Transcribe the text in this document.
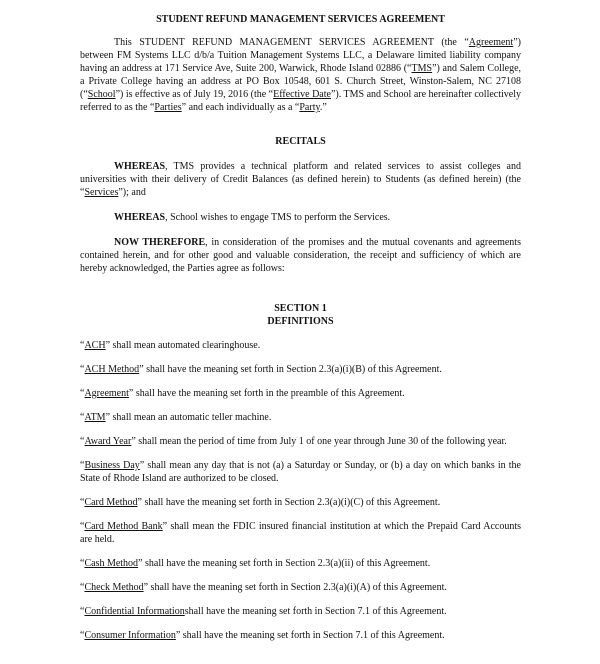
STUDENT REFUND MANAGEMENT SERVICES AGREEMENT

This STUDENT REFUND MANAGEMENT SERVICES AGREEMENT (the “Agreement”) between FM Systems LLC d/b/a Tuition Management Systems LLC, a Delaware limited liability company having an address at 171 Service Ave, Suite 200, Warwick, Rhode Island 02886 (“TMS”) and Salem College, a Private College having an address at PO Box 10548, 601 S. Church Street, Winston-Salem, NC 27108 (“School”) is effective as of July 19, 2016 (the “Effective Date”). TMS and School are hereinafter collectively referred to as the “Parties” and each individually as a “Party.”

RECITALS

WHEREAS, TMS provides a technical platform and related services to assist colleges and universities with their delivery of Credit Balances (as defined herein) to Students (as defined herein) (the “Services”); and

WHEREAS, School wishes to engage TMS to perform the Services.

NOW THEREFORE, in consideration of the promises and the mutual covenants and agreements contained herein, and for other good and valuable consideration, the receipt and sufficiency of which are hereby acknowledged, the Parties agree as follows:

SECTION 1

DEFINITIONS

“ACH” shall mean automated clearinghouse.

“ACH Method” shall have the meaning set forth in Section 2.3(a)(i)(B) of this Agreement.

“Agreement” shall have the meaning set forth in the preamble of this Agreement.

“ATM” shall mean an automatic teller machine.

“Award Year” shall mean the period of time from July 1 of one year through June 30 of the following year.

“Business Day” shall mean any day that is not (a) a Saturday or Sunday, or (b) a day on which banks in the State of Rhode Island are authorized to be closed.

“Card Method” shall have the meaning set forth in Section 2.3(a)(i)(C) of this Agreement.

“Card Method Bank” shall mean the FDIC insured financial institution at which the Prepaid Card Accounts are held.

“Cash Method” shall have the meaning set forth in Section 2.3(a)(ii) of this Agreement.

“Check Method” shall have the meaning set forth in Section 2.3(a)(i)(A) of this Agreement.

“Confidential Informationshall have the meaning set forth in Section 7.1 of this Agreement.

“Consumer Information” shall have the meaning set forth in Section 7.1 of this Agreement.
